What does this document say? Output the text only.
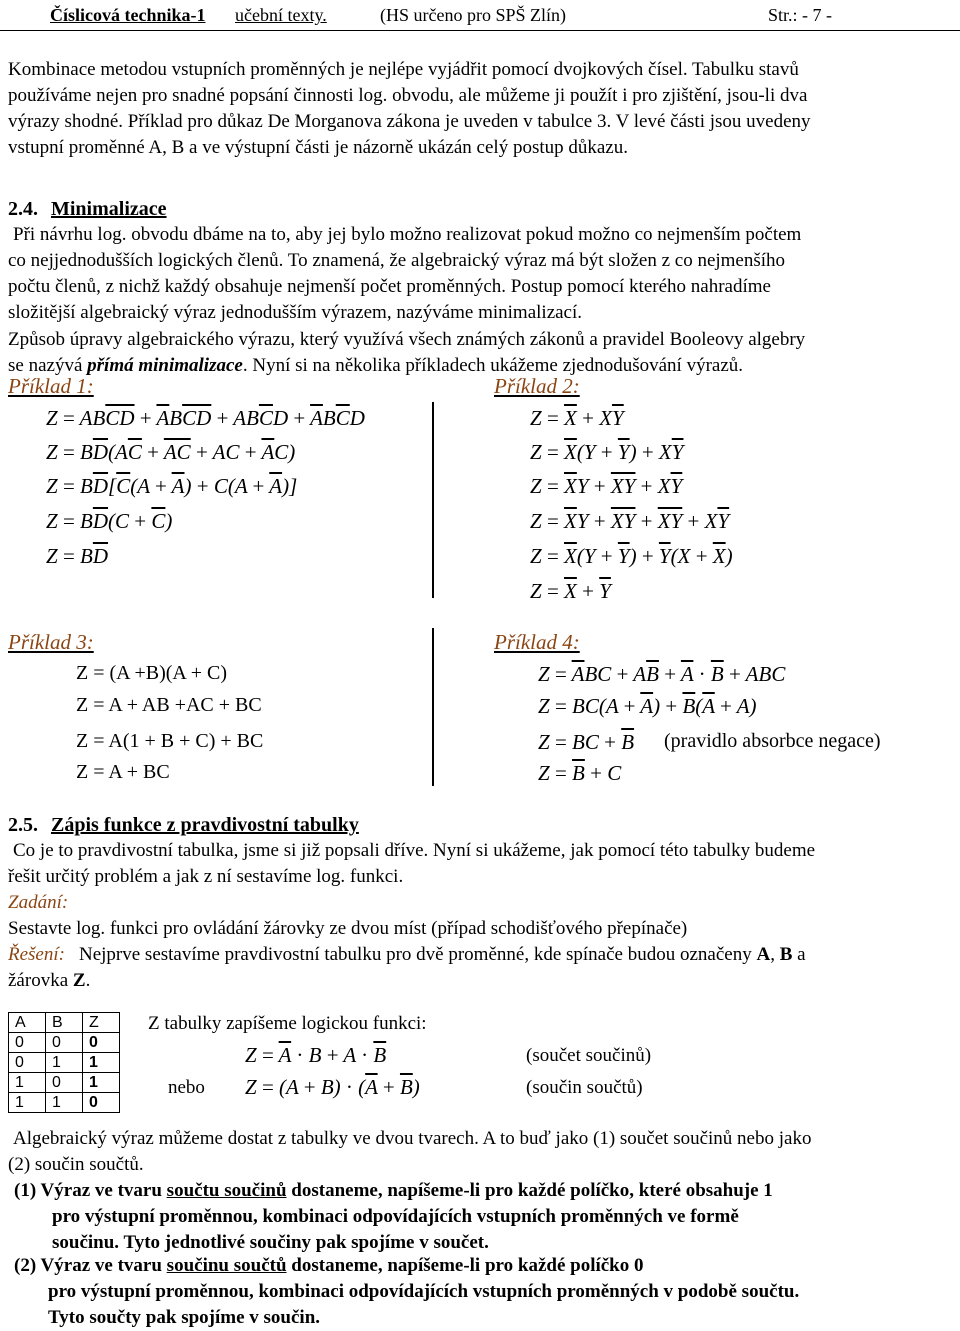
Číslicová technika-1 učební texty.	(HS určeno pro SPŠ Zlín)	Str.: - 7 -
Kombinace metodou vstupních proměnných je nejlépe vyjádřit pomocí dvojkových čísel. Tabulku stavů
používáme nejen pro snadné popsání činnosti log. obvodu, ale můžeme ji použít i pro zjištění, jsou-li dva
výrazy shodné. Příklad pro důkaz De Morganova zákona je uveden v tabulce 3. V levé části jsou uvedeny
vstupní proměnné A, B a ve výstupní části je názorně ukázán celý postup důkazu.
2.4. Minimalizace
Při návrhu log. obvodu dbáme na to, aby jej bylo možno realizovat pokud možno co nejmenším počtem
co nejjednodušších logických členů. To znamená, že algebraický výraz má být složen z co nejmenšího
počtu členů, z nichž každý obsahuje nejmenší počet proměnných. Postup pomocí kterého nahradíme
složitější algebraický výraz jednodušším výrazem, nazýváme minimalizací.
Způsob úpravy algebraického výrazu, který využívá všech známých zákonů a pravidel Booleovy algebry
se nazývá přímá minimalizace. Nyní si na několika příkladech ukážeme zjednodušování výrazů.
Příklad 1:	Příklad 2:
$Z = AB\overline{CD} + \overline{A}B\overline{CD} + AB\overline{C}D + \overline{A}B\overline{C}D$
$Z = B\overline{D}(A\overline{C} + \overline{AC}$ + AC + $\overline{A}C$)
$Z = B\overline{D}[\overline{C}(A + \overline{A}) + C(A + \overline{A})]$
$Z = B\overline{D}(C + \overline{C})$
$Z = B\overline{D}$
$Z = \overline{X} + X\overline{Y}$
$Z = \overline{X}(Y + \overline{Y}) + X\overline{Y}$
$Z = \overline{X}Y + \overline{XY} + X\overline{Y}$
$Z = \overline{X}Y + \overline{XY} + \overline{XY} + X\overline{Y}$
$Z = \overline{X}(Y + \overline{Y}) + \overline{Y}(X + \overline{X})$
$Z = \overline{X} + \overline{Y}$
Příklad 3:	Příklad 4:
Z = (A +B)(A + C)
Z = A + AB +AC + BC
Z = A(1 + B + C) + BC
Z = A + BC
$Z = \overline{A}BC + A\overline{B} + \overline{A} \cdot \overline{B}$ + ABC
$Z = BC(A + \overline{A}) + \overline{B}(\overline{A} + A)$
Z = BC + $\overline{B}$ (pravidlo absorbce negace)
$Z = \overline{B} + C$
2.5. Zápis funkce z pravdivostní tabulky
Co je to pravdivostní tabulka, jsme si již popsali dříve. Nyní si ukážeme, jak pomocí této tabulky budeme
řešit určitý problém a jak z ní sestavíme log. funkci.
Zadání:
Sestavte log. funkci pro ovládání žárovky ze dvou míst (případ schodišťového přepínače)
Řešení: Nejprve sestavíme pravdivostní tabulku pro dvě proměnné, kde spínače budou označeny A, B a
žárovka Z.
A	B	Z
0	0	0
0	1	1
1	0	1
1	1	0
Z tabulky zapíšeme logickou funkci:
$Z = \overline{A} \cdot B + A \cdot \overline{B}$	(součet součinů)
nebo $Z = (A + B) \cdot (\overline{A} + \overline{B})$	(součin součtů)
Algebraický výraz můžeme dostat z tabulky ve dvou tvarech. A to buď jako (1) součet součinů nebo jako
(2) součin součtů.
(1) Výraz ve tvaru součtu součinů dostaneme, napíšeme-li pro každé políčko, které obsahuje 1
pro výstupní proměnnou, kombinaci odpovídajících vstupních proměnných ve formě
součinu. Tyto jednotlivé součiny pak spojíme v součet.
(2) Výraz ve tvaru součinu součtů dostaneme, napíšeme-li pro každé políčko 0
pro výstupní proměnnou, kombinaci odpovídajících vstupních proměnných v podobě součtu.
Tyto součty pak spojíme v součin.
